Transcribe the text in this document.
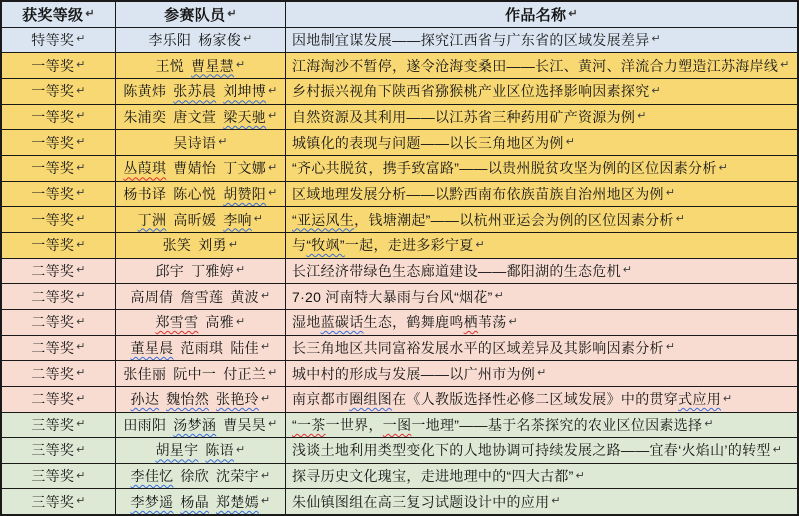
获奖等级 ↵	参赛队员 ↵	作品名称 ↵
特等奖 ↵	李乐阳 杨家俊 ↵	因地制宜谋发展——探究江西省与广东省的区域发展差异 ↵
一等奖 ↵	王悦 曹星慧 ↵	江海淘沙不暂停，遂令沧海变桑田——长江、黄河、洋流合力塑造江苏海岸线 ↵
一等奖 ↵	陈黄炜 张苏晨 刘坤博 ↵ 乡村振兴视角下陕西省猕猴桃产业区位选择影响因素探究 ↵
一等奖 ↵	朱浦奕 唐文萱 梁天驰 ↵ 自然资源及其利用——以江苏省三种药用矿产资源为例 ↵
一等奖 ↵	吴诗语 ↵	城镇化的表现与问题——以长三角地区为例 ↵
一等奖 ↵	丛葭琪 曹婧怡 丁文娜 ↵ “齐心共脱贫，携手致富路”——以贵州脱贫攻坚为例的区位因素分析 ↵
一等奖 ↵	杨书译 陈心悦 胡赞阳 ↵ 区域地理发展分析——以黔西南布依族苗族自治州地区为例 ↵
一等奖 ↵	丁洲 高昕媛 李响 ↵ “亚运风生 ，钱塘潮起”——以杭州亚运会为例的区位因素分析 ↵
一等奖 ↵	张笑 刘勇 ↵	与 “牧飒” 一起，走进多彩宁夏 ↵
二等奖 ↵	邱宇 丁雅婷 ↵	长江经济带绿色生态廊道建设——鄱阳湖的生态危机 ↵
二等奖 ↵	高周倩 詹雪莲 黄波 ↵ 7·20 河南特大暴雨与台风“烟花” ↵
二等奖 ↵	郑雪雪 高雅 ↵	湿地 蓝碳话 生态，鹤舞鹿鸣 栖 苇荡 ↵
二等奖 ↵	董星晨 范雨琪 陆佳 ↵ 长三角地区共同富裕发展水平的区域差异及其影响因素分析 ↵
二等奖 ↵	张佳丽 阮中一 付正兰 ↵ 城中村的形成与发展——以广州市为例 ↵
二等奖 ↵	孙达 魏怡然 张艳玲 ↵ 南京都市 圈组图 在《人教版选择性必修二区域发展》中的贯穿 式应用 ↵
三等奖 ↵	田雨阳 汤梦涵 曹吴昊 ↵ “一茶 一世界， 一图 一地理”——基于名茶探究的农业区位因素选择 ↵
三等奖 ↵	胡星宇 陈语 ↵	浅谈土地利用类型变化下的人地协调可持续发展之路——宜春‘火焰山’的转型 ↵
三等奖 ↵	李佳忆 徐欣 沈荣宇 ↵ 探寻历史文化瑰宝，走进地理中的“四大古都” ↵
三等奖 ↵	李梦遥 杨晶 郑楚嫣 ↵ 朱仙镇图组在高三复习试题设计中的应用 ↵
